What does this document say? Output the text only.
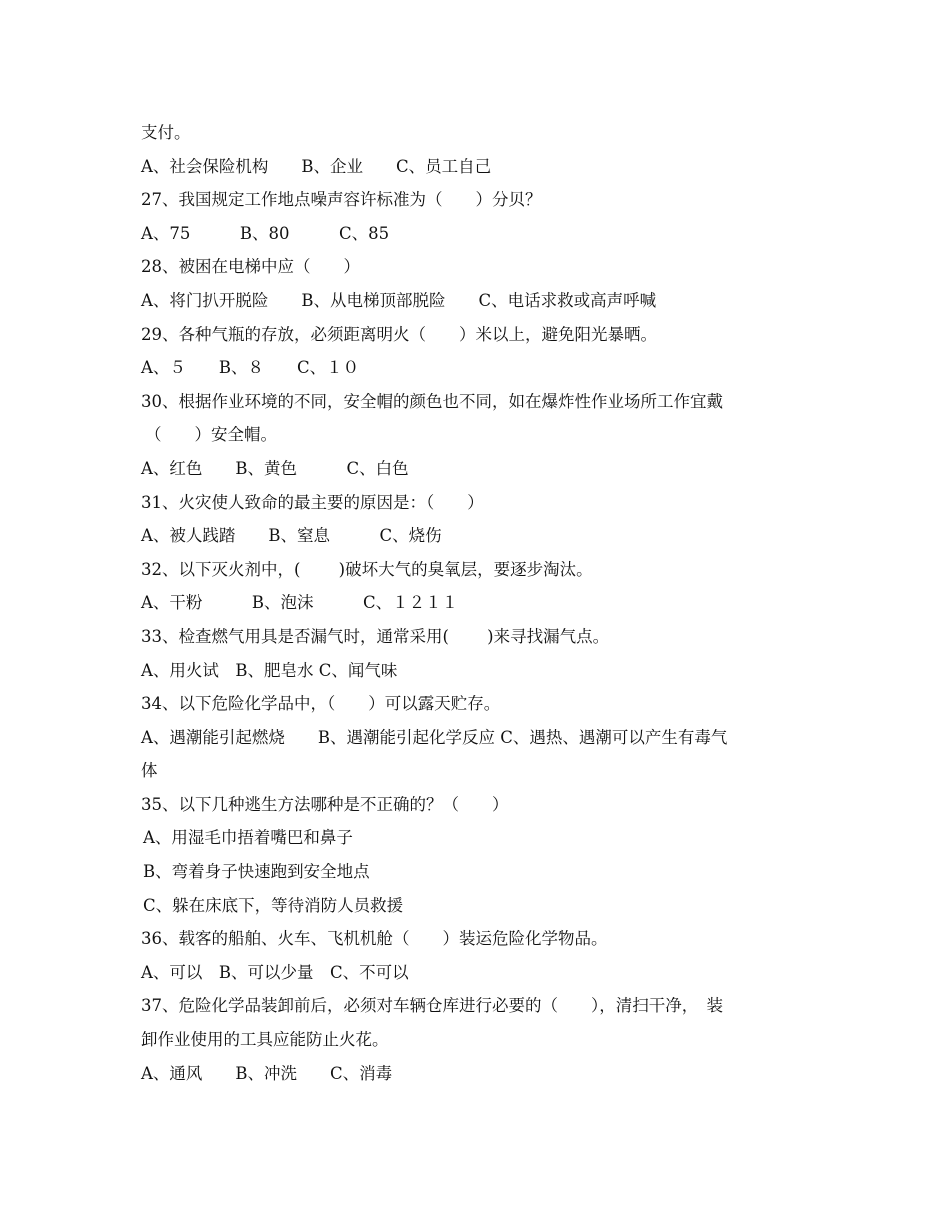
支付。

A、社会保险机构　　B、企业　　C、员工自己

27、我国规定工作地点噪声容许标准为（　　）分贝？

A、75　　　B、80　　　C、85

28、被困在电梯中应（　　）

A、将门扒开脱险　　B、从电梯顶部脱险　　C、电话求救或高声呼喊

29、各种气瓶的存放，必须距离明火（　　）米以上，避免阳光暴晒。

A、５　　B、８　　C、１０

30、根据作业环境的不同，安全帽的颜色也不同，如在爆炸性作业场所工作宜戴

（　　）安全帽。

A、红色　　B、黄色　　　C、白色

31、火灾使人致命的最主要的原因是：（　　）

A、被人践踏　　B、窒息　　　C、烧伤

32、以下灭火剂中，(　　 )破坏大气的臭氧层，要逐步淘汰。

A、干粉　　　B、泡沫　　　C、１２１１

33、检查燃气用具是否漏气时，通常采用(　　 )来寻找漏气点。

A、用火试　B、肥皂水 C、闻气味

34、以下危险化学品中，（　　）可以露天贮存。

A、遇潮能引起燃烧　　B、遇潮能引起化学反应 C、遇热、遇潮可以产生有毒气

体

35、以下几种逃生方法哪种是不正确的？（　　）

A、用湿毛巾捂着嘴巴和鼻子

B、弯着身子快速跑到安全地点

C、躲在床底下，等待消防人员救援

36、载客的船舶、火车、飞机机舱（　　）装运危险化学物品。

A、可以　B、可以少量　C、不可以

37、危险化学品装卸前后，必须对车辆仓库进行必要的（　　），清扫干净，　装

卸作业使用的工具应能防止火花。

A、通风　　B、冲洗　　C、消毒
